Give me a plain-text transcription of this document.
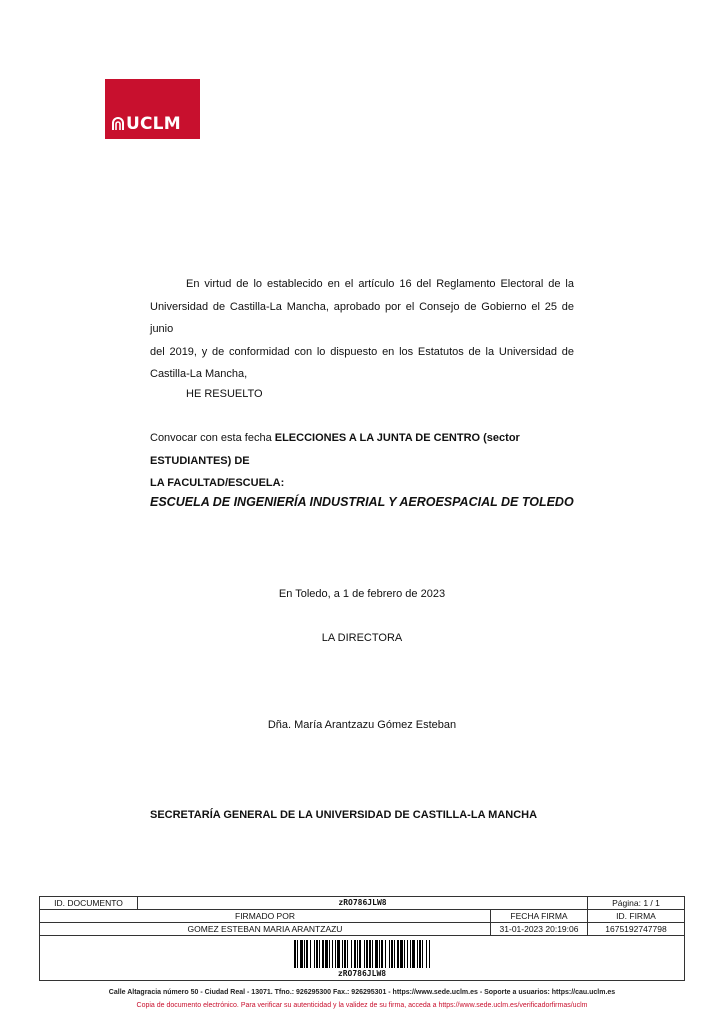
UCLM
En virtud de lo establecido en el artículo 16 del Reglamento Electoral de la
Universidad de Castilla-La Mancha, aprobado por el Consejo de Gobierno el 25 de junio
del 2019, y de conformidad con lo dispuesto en los Estatutos de la Universidad de
Castilla-La Mancha,
HE RESUELTO
Convocar con esta fecha ELECCIONES A LA JUNTA DE CENTRO (sector ESTUDIANTES) DE
LA FACULTAD/ESCUELA:
ESCUELA DE INGENIERÍA INDUSTRIAL Y AEROESPACIAL DE TOLEDO
En Toledo, a 1 de febrero de 2023
LA DIRECTORA
Dña. María Arantzazu Gómez Esteban
SECRETARÍA GENERAL DE LA UNIVERSIDAD DE CASTILLA-LA MANCHA
ID. DOCUMENTO	zRO786JLW8		Página: 1 / 1
FIRMADO POR		FECHA FIRMA	ID. FIRMA
GOMEZ ESTEBAN MARIA ARANTZAZU		31-01-2023 20:19:06	1675192747798

zRO786JLW8			
Calle Altagracia número 50 - Ciudad Real - 13071. Tfno.: 926295300 Fax.: 926295301 - https://www.sede.uclm.es - Soporte a usuarios: https://cau.uclm.es
Copia de documento electrónico. Para verificar su autenticidad y la validez de su firma, acceda a https://www.sede.uclm.es/verificadorfirmas/uclm
